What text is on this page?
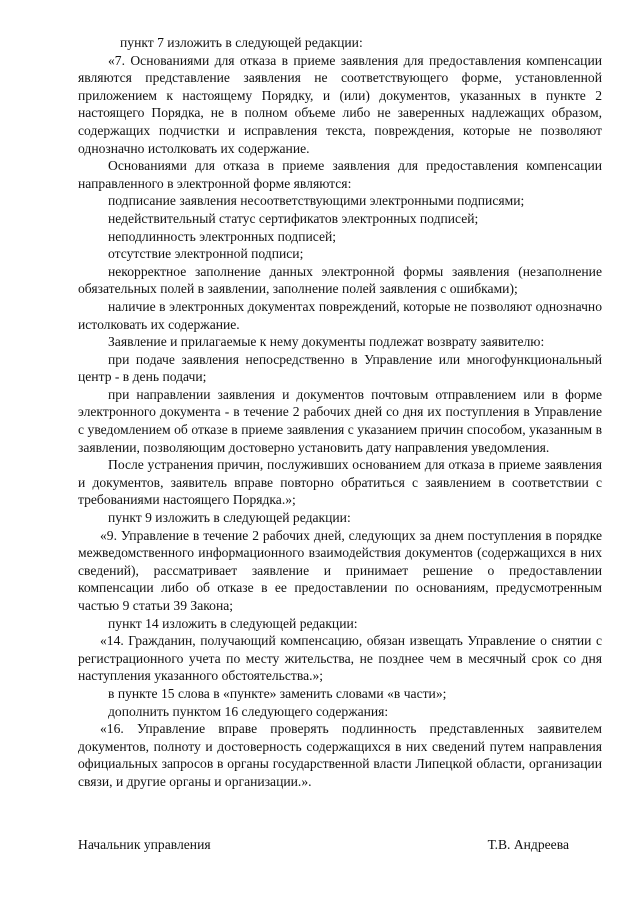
пункт 7 изложить в следующей редакции:

«7. Основаниями для отказа в приеме заявления для предоставления компенсации являются представление заявления не соответствующего форме, установленной приложением к настоящему Порядку, и (или) документов, указанных в пункте 2 настоящего Порядка, не в полном объеме либо не заверенных надлежащих образом, содержащих подчистки и исправления текста, повреждения, которые не позволяют однозначно истолковать их содержание.

Основаниями для отказа в приеме заявления для предоставления компенсации направленного в электронной форме являются:

подписание заявления несоответствующими электронными подписями;

недействительный статус сертификатов электронных подписей;

неподлинность электронных подписей;

отсутствие электронной подписи;

некорректное заполнение данных электронной формы заявления (незаполнение обязательных полей в заявлении, заполнение полей заявления с ошибками);

наличие в электронных документах повреждений, которые не позволяют однозначно истолковать их содержание.

Заявление и прилагаемые к нему документы подлежат возврату заявителю:

при подаче заявления непосредственно в Управление или многофункциональный центр - в день подачи;

при направлении заявления и документов почтовым отправлением или в форме электронного документа - в течение 2 рабочих дней со дня их поступления в Управление с уведомлением об отказе в приеме заявления с указанием причин способом, указанным в заявлении, позволяющим достоверно установить дату направления уведомления.

После устранения причин, послуживших основанием для отказа в приеме заявления и документов, заявитель вправе повторно обратиться с заявлением в соответствии с требованиями настоящего Порядка.»;

пункт 9 изложить в следующей редакции:

«9. Управление в течение 2 рабочих дней, следующих за днем поступления в порядке межведомственного информационного взаимодействия документов (содержащихся в них сведений), рассматривает заявление и принимает решение о предоставлении компенсации либо об отказе в ее предоставлении по основаниям, предусмотренным частью 9 статьи 39 Закона;

пункт 14 изложить в следующей редакции:

«14. Гражданин, получающий компенсацию, обязан извещать Управление о снятии с регистрационного учета по месту жительства, не позднее чем в месячный срок со дня наступления указанного обстоятельства.»;

в пункте 15 слова в «пункте» заменить словами «в части»;

дополнить пунктом 16 следующего содержания:

«16. Управление вправе проверять подлинность представленных заявителем документов, полноту и достоверность содержащихся в них сведений путем направления официальных запросов в органы государственной власти Липецкой области, организации связи, и другие органы и организации.».

Начальник управления	Т.В. Андреева
